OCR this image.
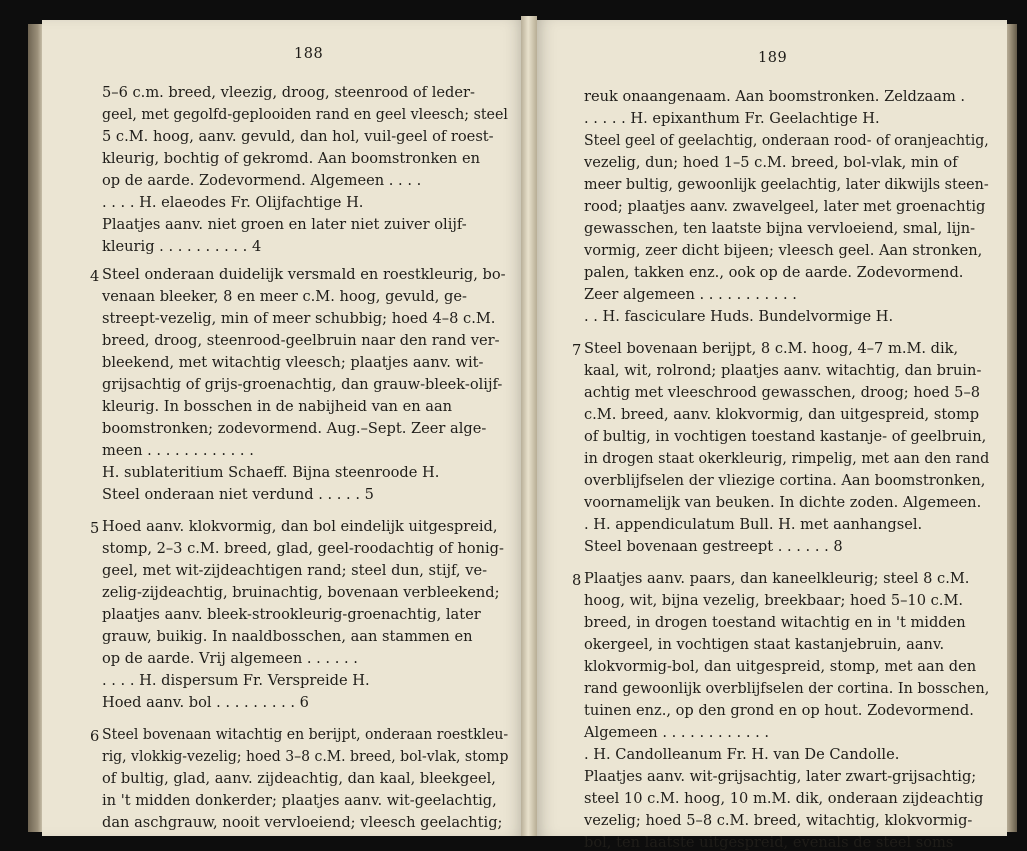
188
5–6 c.m. breed, vleezig, droog, steenrood of leder-
geel, met gegolfd-geplooiden rand en geel vleesch; steel
5 c.M. hoog, aanv. gevuld, dan hol, vuil-geel of roest-
kleurig, bochtig of gekromd. Aan boomstronken en
op de aarde. Zodevormend. Algemeen . . . .
. . . . H. elaeodes Fr. Olijfachtige H.
Plaatjes aanv. niet groen en later niet zuiver olijf-
kleurig . . . . . . . . . . 4
4 Steel onderaan duidelijk versmald en roestkleurig, bo-
venaan bleeker, 8 en meer c.M. hoog, gevuld, ge-
streept-vezelig, min of meer schubbig; hoed 4–8 c.M.
breed, droog, steenrood-geelbruin naar den rand ver-
bleekend, met witachtig vleesch; plaatjes aanv. wit-
grijsachtig of grijs-groenachtig, dan grauw-bleek-olijf-
kleurig. In bosschen in de nabijheid van en aan
boomstronken; zodevormend. Aug.–Sept. Zeer alge-
meen . . . . . . . . . . . .
H. sublateritium Schaeff. Bijna steenroode H.
Steel onderaan niet verdund . . . . . 5
5 Hoed aanv. klokvormig, dan bol eindelijk uitgespreid,
stomp, 2–3 c.M. breed, glad, geel-roodachtig of honig-
geel, met wit-zijdeachtigen rand; steel dun, stijf, ve-
zelig-zijdeachtig, bruinachtig, bovenaan verbleekend;
plaatjes aanv. bleek-strookleurig-groenachtig, later
grauw, buikig. In naaldbosschen, aan stammen en
op de aarde. Vrij algemeen . . . . . .
. . . . H. dispersum Fr. Verspreide H.
Hoed aanv. bol . . . . . . . . . 6
6 Steel bovenaan witachtig en berijpt, onderaan roestkleu-
rig, vlokkig-vezelig; hoed 3–8 c.M. breed, bol-vlak, stomp
of bultig, glad, aanv. zijdeachtig, dan kaal, bleekgeel,
in 't midden donkerder; plaatjes aanv. wit-geelachtig,
dan aschgrauw, nooit vervloeiend; vleesch geelachtig;
189
reuk onaangenaam. Aan boomstronken. Zeldzaam .
. . . . . H. epixanthum Fr. Geelachtige H.
Steel geel of geelachtig, onderaan rood- of oranjeachtig,
vezelig, dun; hoed 1–5 c.M. breed, bol-vlak, min of
meer bultig, gewoonlijk geelachtig, later dikwijls steen-
rood; plaatjes aanv. zwavelgeel, later met groenachtig
gewasschen, ten laatste bijna vervloeiend, smal, lijn-
vormig, zeer dicht bijeen; vleesch geel. Aan stronken,
palen, takken enz., ook op de aarde. Zodevormend.
Zeer algemeen . . . . . . . . . . .
. . H. fasciculare Huds. Bundelvormige H.
7 Steel bovenaan berijpt, 8 c.M. hoog, 4–7 m.M. dik,
kaal, wit, rolrond; plaatjes aanv. witachtig, dan bruin-
achtig met vleeschrood gewasschen, droog; hoed 5–8
c.M. breed, aanv. klokvormig, dan uitgespreid, stomp
of bultig, in vochtigen toestand kastanje- of geelbruin,
in drogen staat okerkleurig, rimpelig, met aan den rand
overblijfselen der vliezige cortina. Aan boomstronken,
voornamelijk van beuken. In dichte zoden. Algemeen.
. H. appendiculatum Bull. H. met aanhangsel.
Steel bovenaan gestreept . . . . . . 8
8 Plaatjes aanv. paars, dan kaneelkleurig; steel 8 c.M.
hoog, wit, bijna vezelig, breekbaar; hoed 5–10 c.M.
breed, in drogen toestand witachtig en in 't midden
okergeel, in vochtigen staat kastanjebruin, aanv.
klokvormig-bol, dan uitgespreid, stomp, met aan den
rand gewoonlijk overblijfselen der cortina. In bosschen,
tuinen enz., op den grond en op hout. Zodevormend.
Algemeen . . . . . . . . . . . .
. H. Candolleanum Fr. H. van De Candolle.
Plaatjes aanv. wit-grijsachtig, later zwart-grijsachtig;
steel 10 c.M. hoog, 10 m.M. dik, onderaan zijdeachtig
vezelig; hoed 5–8 c.M. breed, witachtig, klokvormig-
bol, ten laatste uitgespreid, evenals de steel soms
